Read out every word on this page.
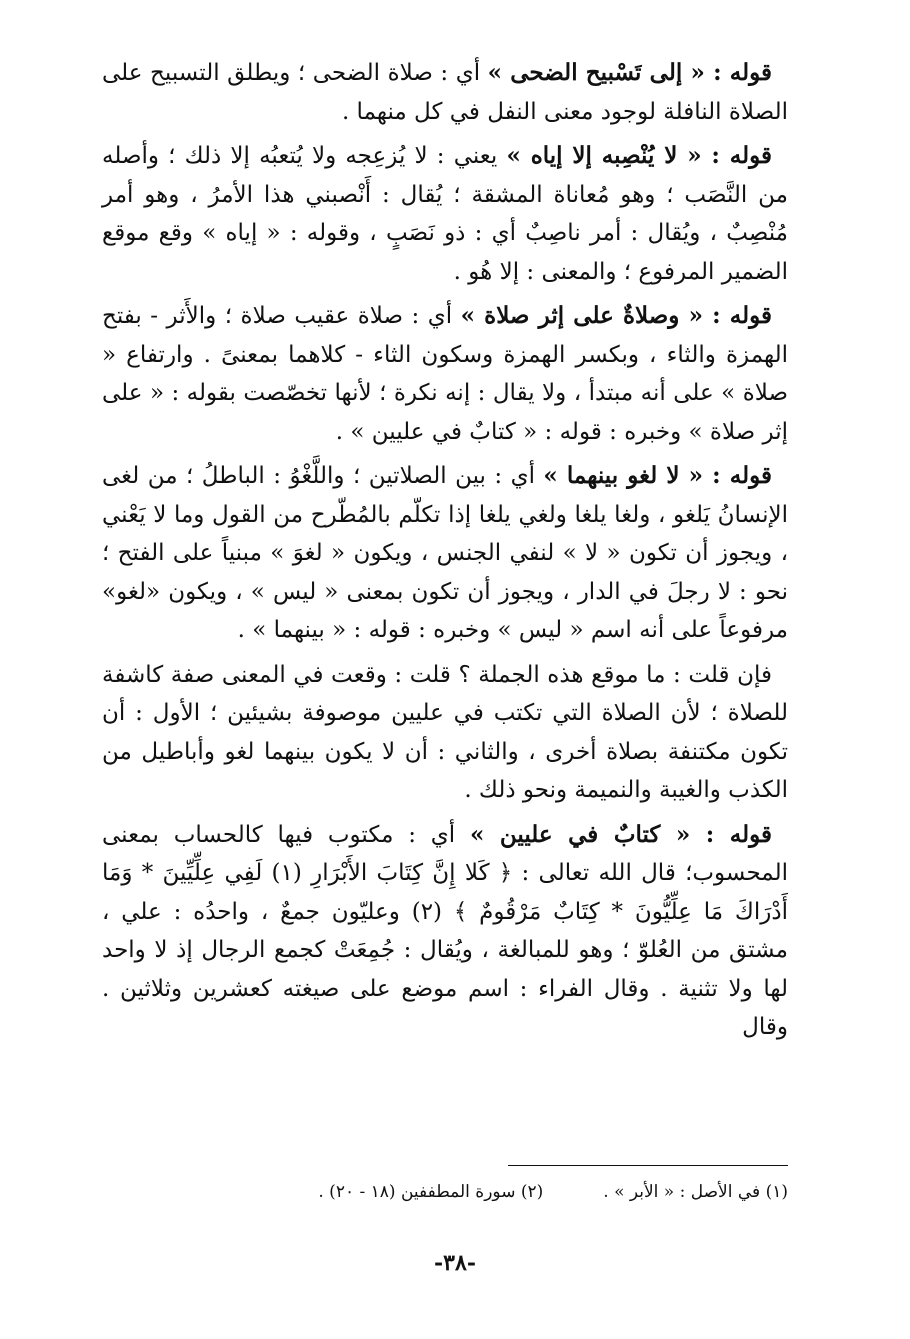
قوله : « إلى تَسْبيح الضحى » أي : صلاة الضحى ؛ ويطلق التسبيح على الصلاة النافلة لوجود معنى النفل في كل منهما .

قوله : « لا يُنْصِبه إلا إياه » يعني : لا يُزعِجه ولا يُتعبُه إلا ذلك ؛ وأصله من النَّصَب ؛ وهو مُعاناة المشقة ؛ يُقال : أَنْصبني هذا الأمرُ ، وهو أمر مُنْصِبٌ ، ويُقال : أمر ناصِبٌ أي : ذو نَصَبٍ ، وقوله : « إياه » وقع موقع الضمير المرفوع ؛ والمعنى : إلا هُو .

قوله : « وصلاةٌ على إثر صلاة » أي : صلاة عقيب صلاة ؛ والأَثر - بفتح الهمزة والثاء ، وبكسر الهمزة وسكون الثاء - كلاهما بمعنىً . وارتفاع « صلاة » على أنه مبتدأ ، ولا يقال : إنه نكرة ؛ لأنها تخصّصت بقوله : « على إثر صلاة » وخبره : قوله : « كتابٌ في عليين » .

قوله : « لا لغو بينهما » أي : بين الصلاتين ؛ واللَّغْوُ : الباطلُ ؛ من لغى الإنسانُ يَلغو ، ولغا يلغا ولغي يلغا إذا تكلّم بالمُطّرح من القول وما لا يَعْني ، ويجوز أن تكون « لا » لنفي الجنس ، ويكون « لغوَ » مبنياً على الفتح ؛ نحو : لا رجلَ في الدار ، ويجوز أن تكون بمعنى « ليس » ، ويكون «لغو» مرفوعاً على أنه اسم « ليس » وخبره : قوله : « بينهما » .

فإن قلت : ما موقع هذه الجملة ؟ قلت : وقعت في المعنى صفة كاشفة للصلاة ؛ لأن الصلاة التي تكتب في عليين موصوفة بشيئين ؛ الأول : أن تكون مكتنفة بصلاة أخرى ، والثاني : أن لا يكون بينهما لغو وأباطيل من الكذب والغيبة والنميمة ونحو ذلك .

قوله : « كتابٌ في عليين » أي : مكتوب فيها كالحساب بمعنى المحسوب؛ قال الله تعالى : ﴿ كَلا إِنَّ كِتَابَ الأَبْرَارِ (١) لَفِي عِلِّيِّينَ * وَمَا أَدْرَاكَ مَا عِلِّيُّونَ * كِتَابٌ مَرْقُومٌ ﴾ (٢) وعليّون جمعٌ ، واحدُه : علي ، مشتق من العُلوّ ؛ وهو للمبالغة ، ويُقال : جُمِعَتْ كجمع الرجال إذ لا واحد لها ولا تثنية . وقال الفراء : اسم موضع على صيغته كعشرين وثلاثين . وقال

(١) في الأصل : « الأبر » .
(٢) سورة المطففين (١٨ - ٢٠) .
-٣٨-
